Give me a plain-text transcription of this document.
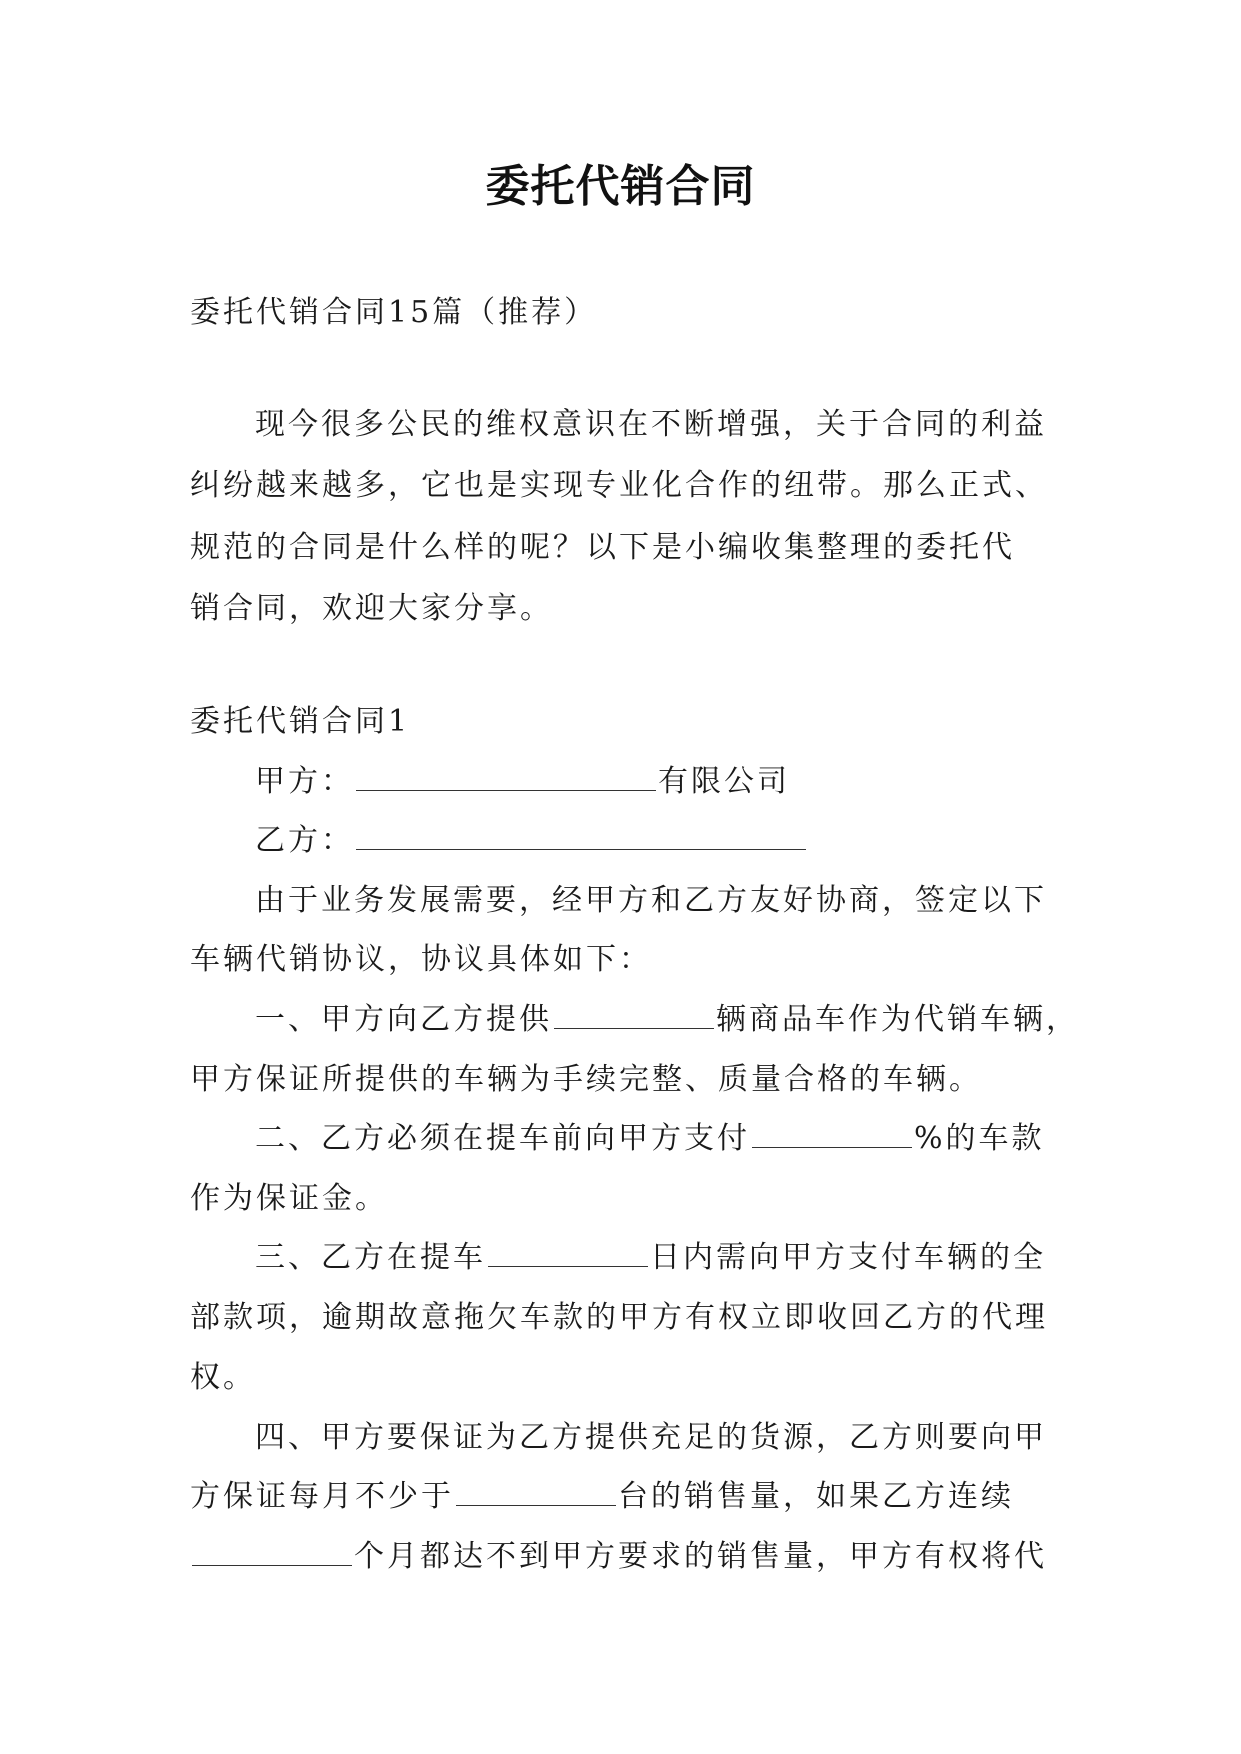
委托代销合同
委托代销合同15篇（推荐）
现今很多公民的维权意识在不断增强，关于合同的利益
纠纷越来越多，它也是实现专业化合作的纽带。那么正式、
规范的合同是什么样的呢？以下是小编收集整理的委托代
销合同，欢迎大家分享。
委托代销合同1
甲方：	有限公司
乙方：
由于业务发展需要，经甲方和乙方友好协商，签定以下
车辆代销协议，协议具体如下：
一、甲方向乙方提供	辆商品车作为代销车辆，
甲方保证所提供的车辆为手续完整、质量合格的车辆。
二、乙方必须在提车前向甲方支付	%的车款
作为保证金。
三、乙方在提车	日内需向甲方支付车辆的全
部款项，逾期故意拖欠车款的甲方有权立即收回乙方的代理
权。
四、甲方要保证为乙方提供充足的货源，乙方则要向甲
方保证每月不少于	台的销售量，如果乙方连续
个月都达不到甲方要求的销售量，甲方有权将代
